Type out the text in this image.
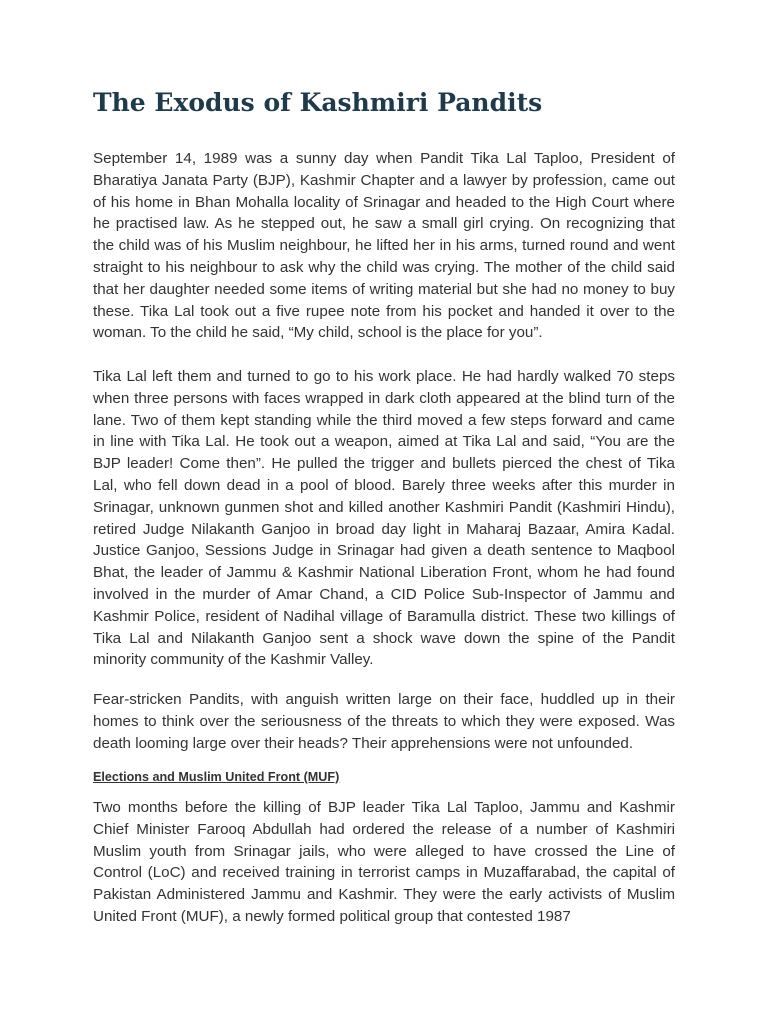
The Exodus of Kashmiri Pandits

September 14, 1989 was a sunny day when Pandit Tika Lal Taploo, President of Bharatiya Janata Party (BJP), Kashmir Chapter and a lawyer by profession, came out of his home in Bhan Mohalla locality of Srinagar and headed to the High Court where he practised law. As he stepped out, he saw a small girl crying. On recognizing that the child was of his Muslim neighbour, he lifted her in his arms, turned round and went straight to his neighbour to ask why the child was crying. The mother of the child said that her daughter needed some items of writing material but she had no money to buy these. Tika Lal took out a five rupee note from his pocket and handed it over to the woman. To the child he said, “My child, school is the place for you”.

Tika Lal left them and turned to go to his work place. He had hardly walked 70 steps when three persons with faces wrapped in dark cloth appeared at the blind turn of the lane. Two of them kept standing while the third moved a few steps forward and came in line with Tika Lal. He took out a weapon, aimed at Tika Lal and said, “You are the BJP leader! Come then”. He pulled the trigger and bullets pierced the chest of Tika Lal, who fell down dead in a pool of blood. Barely three weeks after this murder in Srinagar, unknown gunmen shot and killed another Kashmiri Pandit (Kashmiri Hindu), retired Judge Nilakanth Ganjoo in broad day light in Maharaj Bazaar, Amira Kadal. Justice Ganjoo, Sessions Judge in Srinagar had given a death sentence to Maqbool Bhat, the leader of Jammu & Kashmir National Liberation Front, whom he had found involved in the murder of Amar Chand, a CID Police Sub-Inspector of Jammu and Kashmir Police, resident of Nadihal village of Baramulla district. These two killings of Tika Lal and Nilakanth Ganjoo sent a shock wave down the spine of the Pandit minority community of the Kashmir Valley.

Fear-stricken Pandits, with anguish written large on their face, huddled up in their homes to think over the seriousness of the threats to which they were exposed. Was death looming large over their heads? Their apprehensions were not unfounded.

Elections and Muslim United Front (MUF)

Two months before the killing of BJP leader Tika Lal Taploo, Jammu and Kashmir Chief Minister Farooq Abdullah had ordered the release of a number of Kashmiri Muslim youth from Srinagar jails, who were alleged to have crossed the Line of Control (LoC) and received training in terrorist camps in Muzaffarabad, the capital of Pakistan Administered Jammu and Kashmir. They were the early activists of Muslim United Front (MUF), a newly formed political group that contested 1987
